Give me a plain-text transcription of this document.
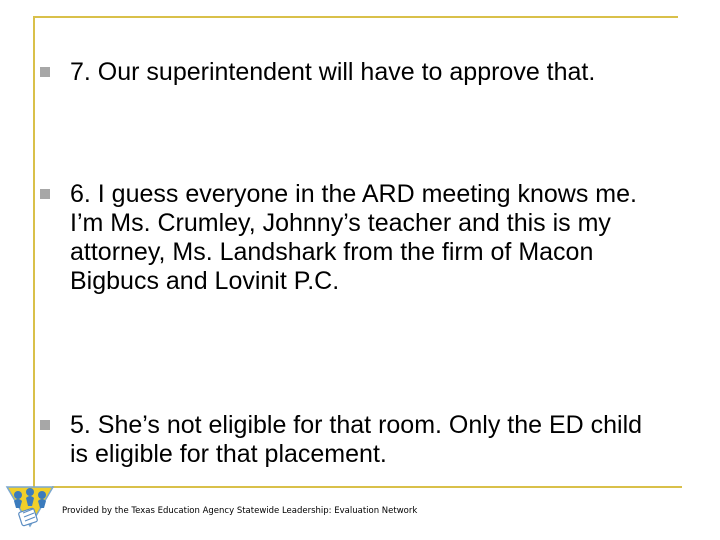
7. Our superintendent will have to approve that.
6. I guess everyone in the ARD meeting knows me. I’m Ms. Crumley, Johnny’s teacher and this is my attorney, Ms. Landshark from the firm of Macon Bigbucs and Lovinit P.C.
5. She’s not eligible for that room. Only the ED child is eligible for that placement.
Provided by the Texas Education Agency Statewide Leadership: Evaluation Network
